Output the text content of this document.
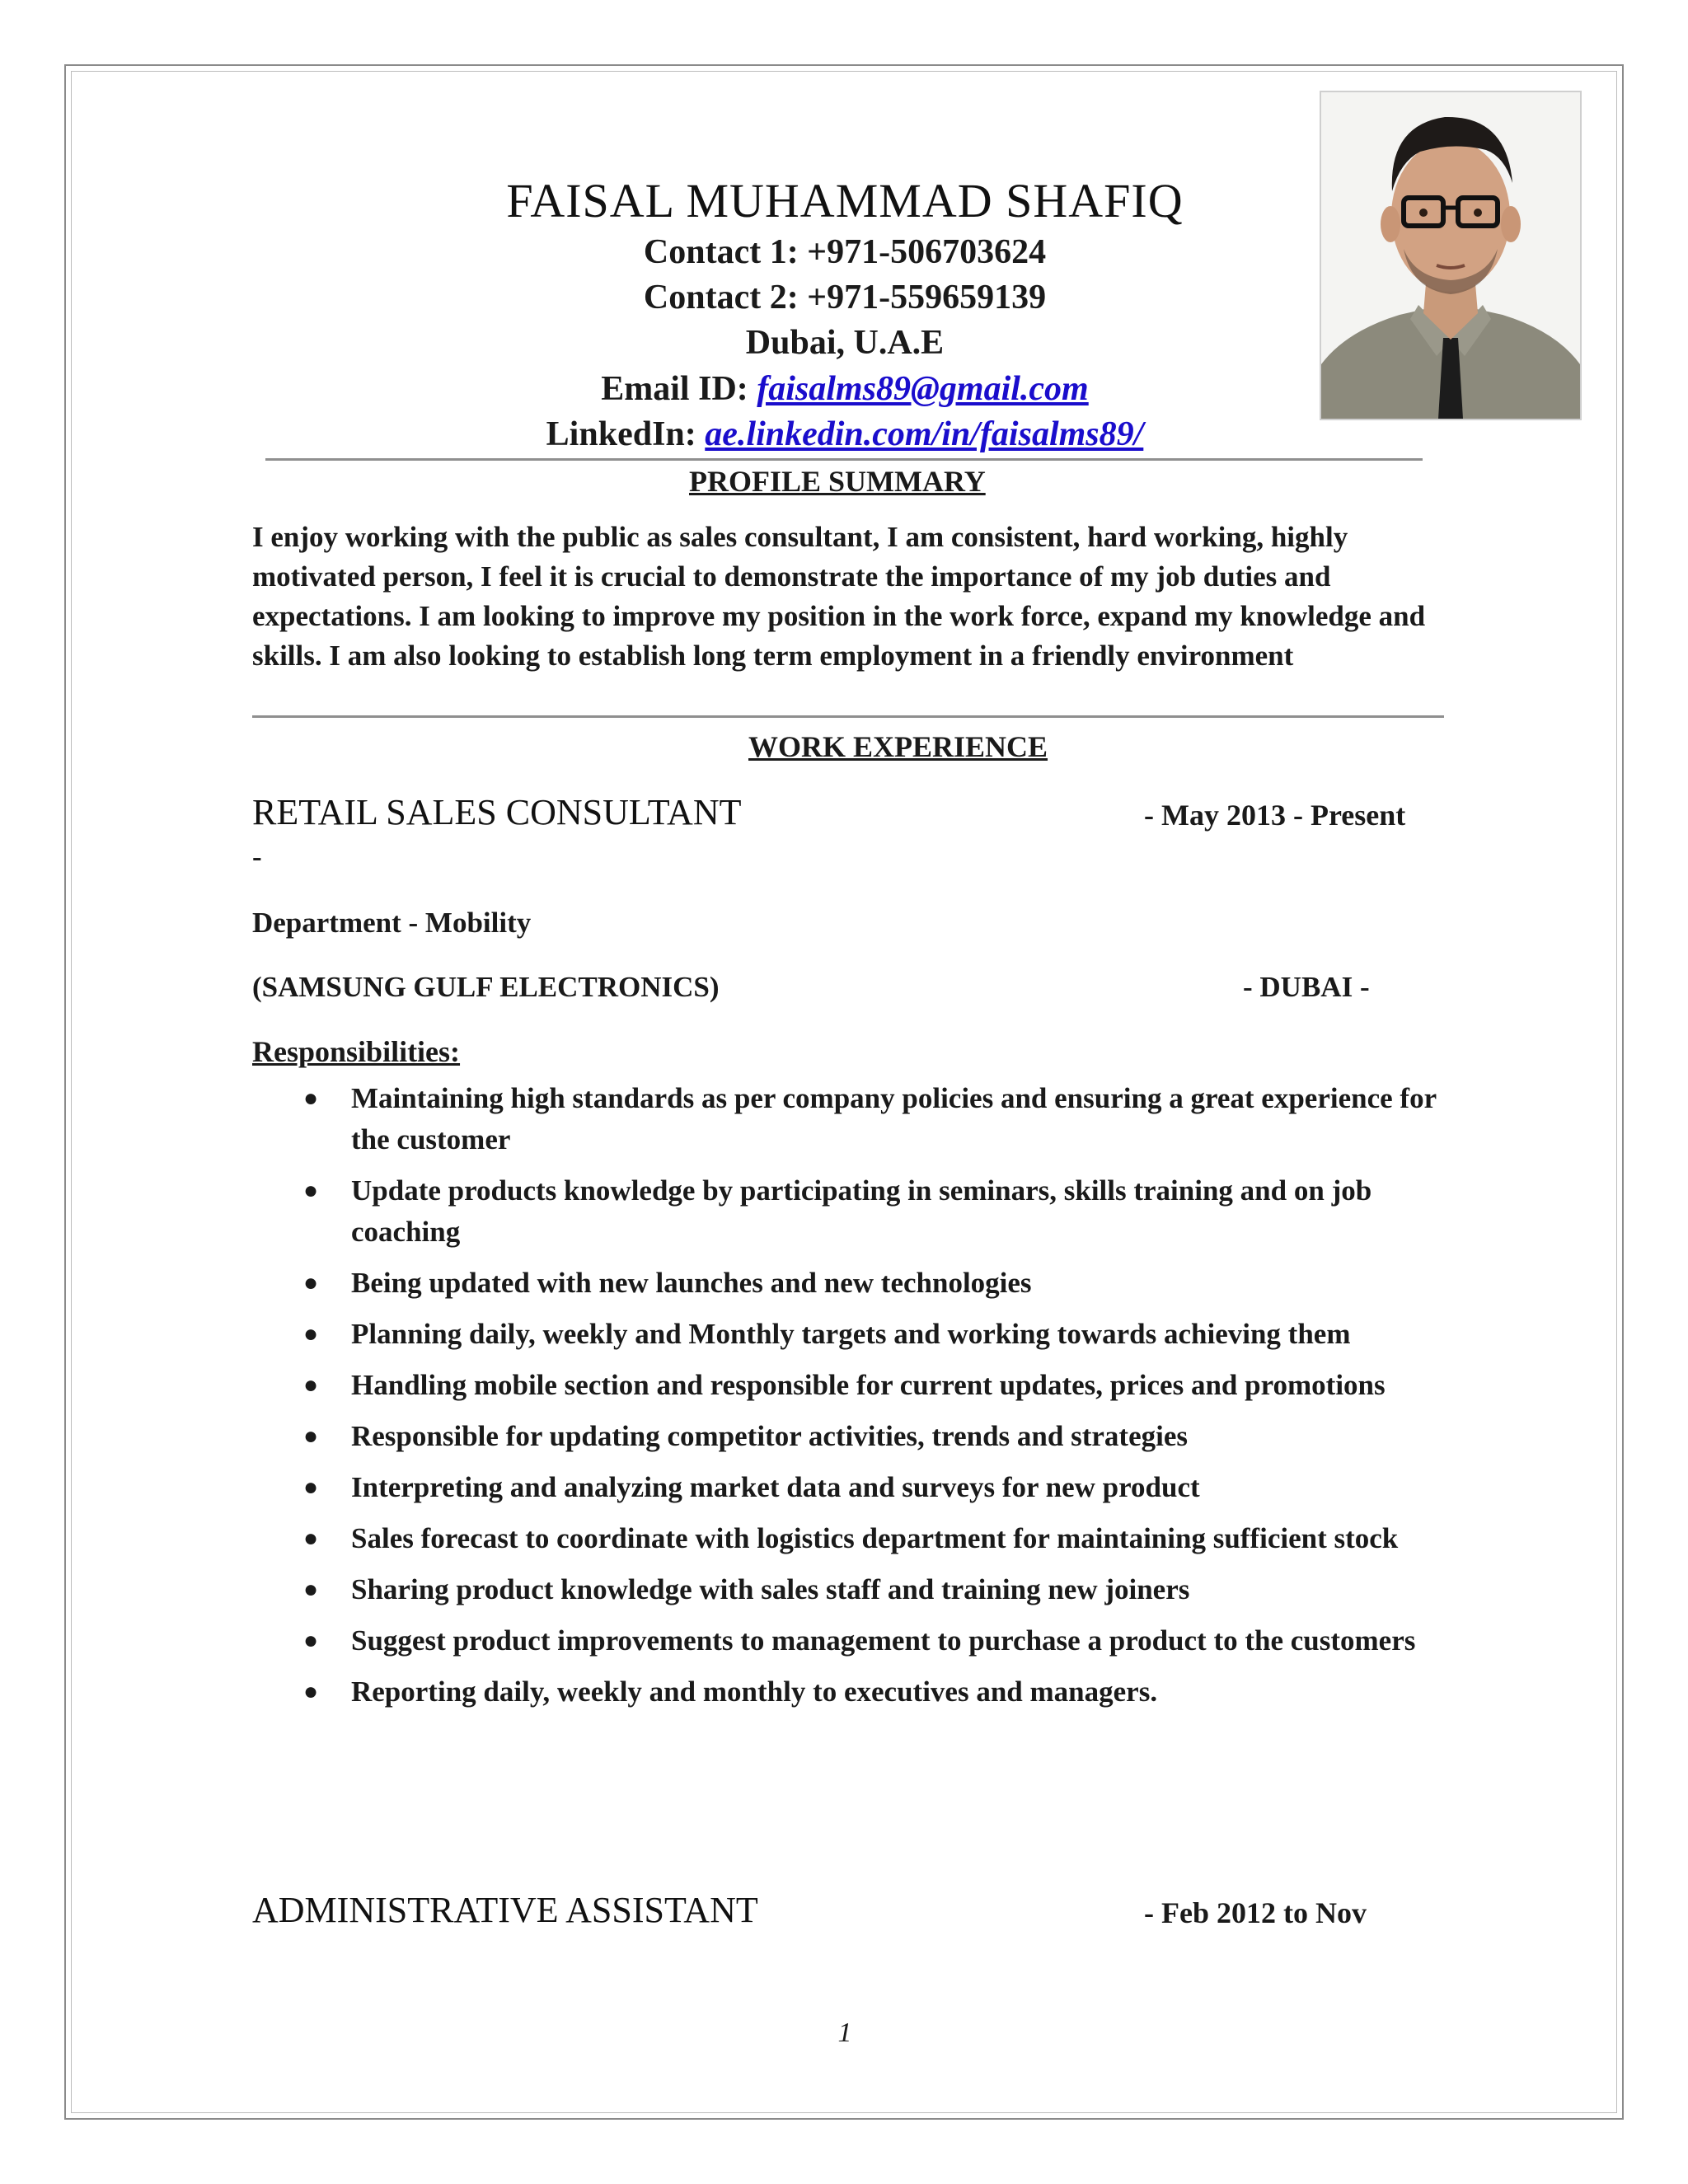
FAISAL MUHAMMAD SHAFIQ
Contact 1: +971-506703624
Contact 2: +971-559659139
Dubai, U.A.E
Email ID: faisalms89@gmail.com
LinkedIn: ae.linkedin.com/in/faisalms89/
PROFILE SUMMARY
I enjoy working with the public as sales consultant, I am consistent, hard working, highly motivated person, I feel it is crucial to demonstrate the importance of my job duties and expectations. I am looking to improve my position in the work force, expand my knowledge and skills. I am also looking to establish long term employment in a friendly environment
WORK EXPERIENCE
RETAIL SALES CONSULTANT	- May 2013 - Present
-
Department - Mobility
(SAMSUNG GULF ELECTRONICS)	- DUBAI -
Responsibilities:
● Maintaining high standards as per company policies and ensuring a great experience for the customer
● Update products knowledge by participating in seminars, skills training and on job coaching
● Being updated with new launches and new technologies
● Planning daily, weekly and Monthly targets and working towards achieving them
● Handling mobile section and responsible for current updates, prices and promotions
● Responsible for updating competitor activities, trends and strategies
● Interpreting and analyzing market data and surveys for new product
● Sales forecast to coordinate with logistics department for maintaining sufficient stock
● Sharing product knowledge with sales staff and training new joiners
● Suggest product improvements to management to purchase a product to the customers
● Reporting daily, weekly and monthly to executives and managers.
ADMINISTRATIVE ASSISTANT	- Feb 2012 to Nov
1
